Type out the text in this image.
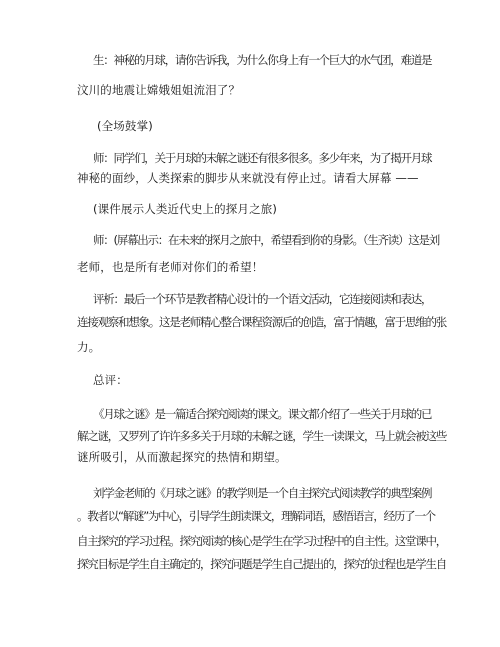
生：神秘的月球，请你告诉我，为什么你身上有一个巨大的水气团，难道是
汶川的地震让嫦娥姐姐流泪了？
(全场鼓掌)
师：同学们，关于月球的未解之谜还有很多很多。多少年来，为了揭开月球
神秘的面纱，人类探索的脚步从来就没有停止过。请看大屏幕 ——
(课件展示人类近代史上的探月之旅)
师：(屏幕出示：在未来的探月之旅中，希望看到你的身影。（生齐读）这是刘
老师，也是所有老师对你们的希望！
评析：最后一个环节是教者精心设计的一个语文活动，它连接阅读和表达，
连接观察和想象。这是老师精心整合课程资源后的创造，富于情趣，富于思维的张
力。
总评：
《月球之谜》是一篇适合探究阅读的课文。课文都介绍了一些关于月球的已
解之谜，又罗列了许许多多关于月球的未解之谜，学生一读课文，马上就会被这些
谜所吸引，从而激起探究的热情和期望。
刘学金老师的《月球之谜》的教学则是一个自主探究式阅读教学的典型案例
。教者以“解谜”为中心，引导学生朗读课文，理解词语，感悟语言，经历了一个
自主探究的学习过程。探究阅读的核心是学生在学习过程中的自主性。这堂课中，
探究目标是学生自主确定的，探究问题是学生自己提出的，探究的过程也是学生自
